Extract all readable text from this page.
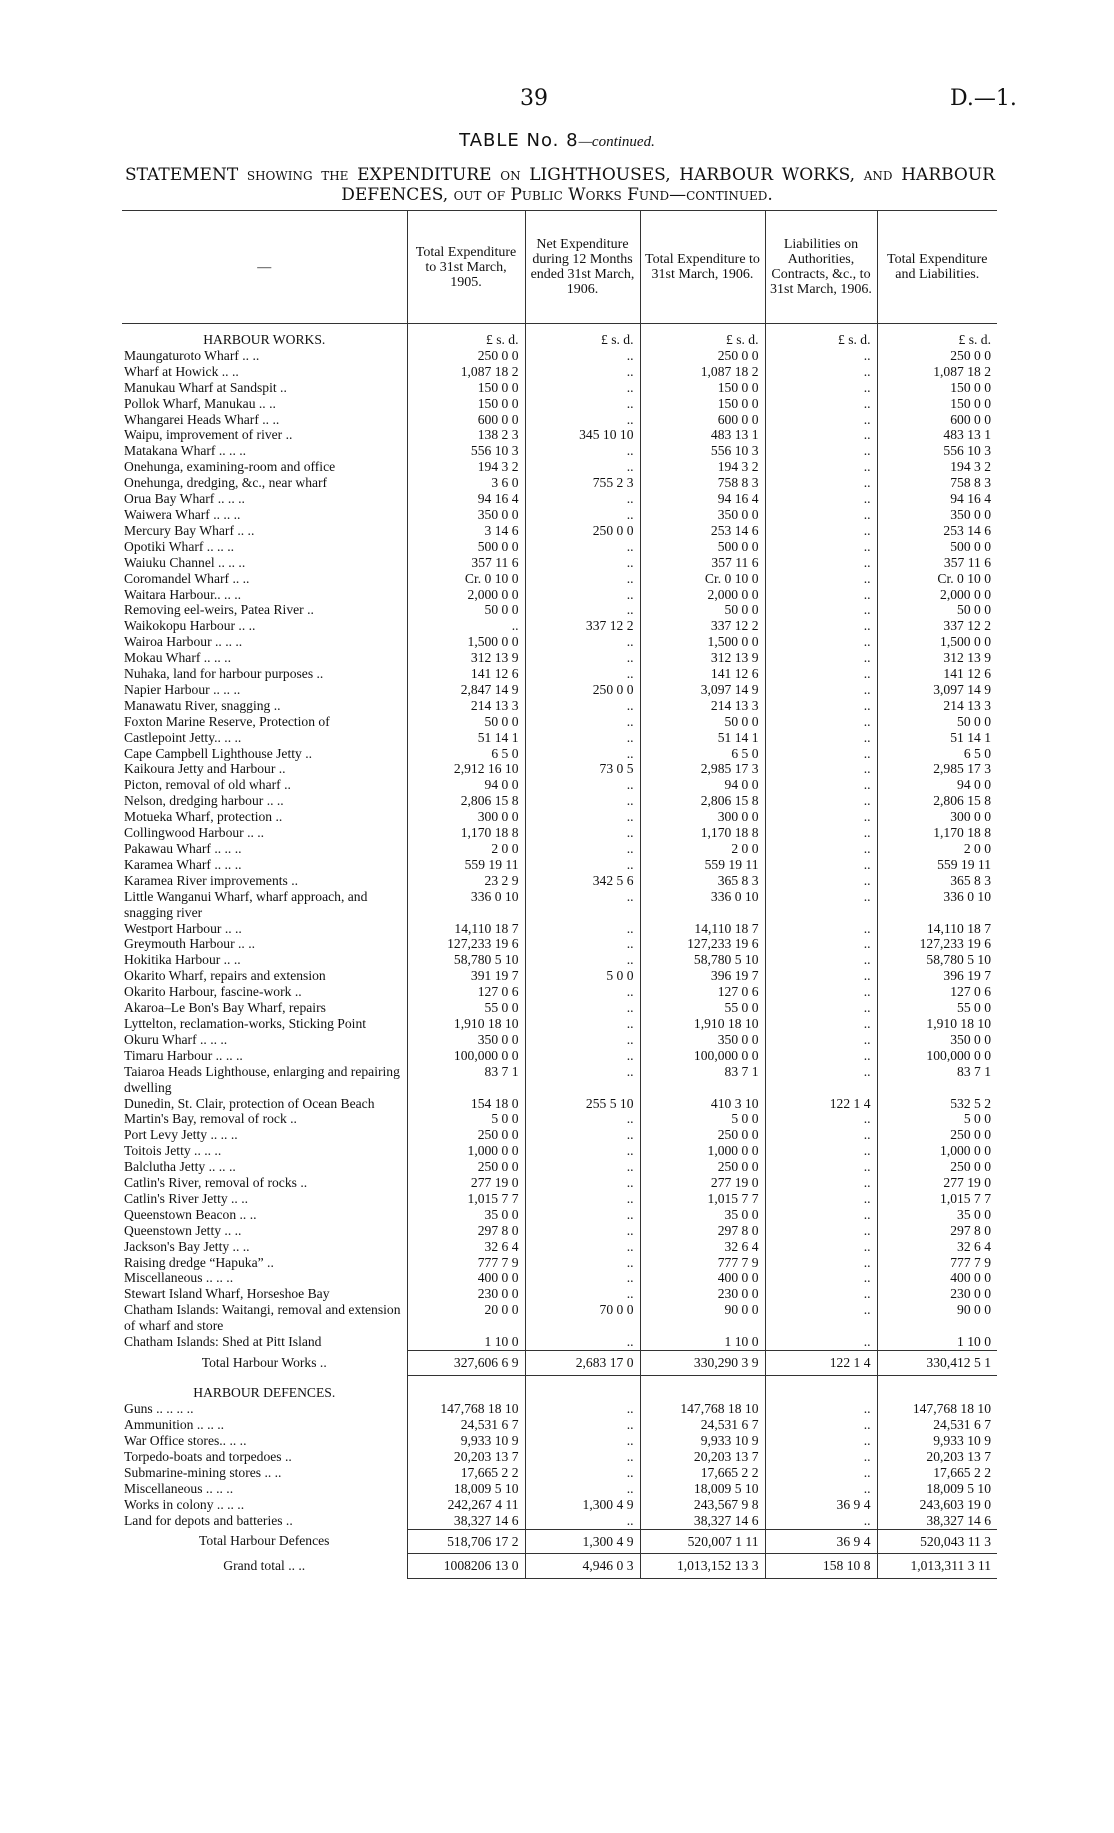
39	D.—1.
TABLE No. 8—continued.
STATEMENT showing the EXPENDITURE on LIGHTHOUSES, HARBOUR WORKS, and HARBOUR
DEFENCES, out of Public Works Fund—continued.
—	Total Expenditure to 31st March, 1905.	Net Expenditure during 12 Months ended 31st March, 1906.	Total Expenditure to 31st March, 1906.	Liabilities on Authorities, Contracts, &c., to 31st March, 1906.	Total Expenditure and Liabilities.
HARBOUR WORKS.	£ s. d.	£ s. d.	£ s. d.	£ s. d.	£ s. d.
Maungaturoto Wharf .. ..	250 0 0	..	250 0 0	..	250 0 0
Wharf at Howick .. ..	1,087 18 2	..	1,087 18 2	..	1,087 18 2
Manukau Wharf at Sandspit ..	150 0 0	..	150 0 0	..	150 0 0
Pollok Wharf, Manukau .. ..	150 0 0	..	150 0 0	..	150 0 0
Whangarei Heads Wharf .. ..	600 0 0	..	600 0 0	..	600 0 0
Waipu, improvement of river ..	138 2 3	345 10 10	483 13 1	..	483 13 1
Matakana Wharf .. .. ..	556 10 3	..	556 10 3	..	556 10 3
Onehunga, examining-room and office	194 3 2	..	194 3 2	..	194 3 2
Onehunga, dredging, &c., near wharf	3 6 0	755 2 3	758 8 3	..	758 8 3
Orua Bay Wharf .. .. ..	94 16 4	..	94 16 4	..	94 16 4
Waiwera Wharf .. .. ..	350 0 0	..	350 0 0	..	350 0 0
Mercury Bay Wharf .. ..	3 14 6	250 0 0	253 14 6	..	253 14 6
Opotiki Wharf .. .. ..	500 0 0	..	500 0 0	..	500 0 0
Waiuku Channel .. .. ..	357 11 6	..	357 11 6	..	357 11 6
Coromandel Wharf .. ..	Cr. 0 10 0	..	Cr. 0 10 0	..	Cr. 0 10 0
Waitara Harbour.. .. ..	2,000 0 0	..	2,000 0 0	..	2,000 0 0
Removing eel-weirs, Patea River ..	50 0 0	..	50 0 0	..	50 0 0
Waikokopu Harbour .. ..	..	337 12 2	337 12 2	..	337 12 2
Wairoa Harbour .. .. ..	1,500 0 0	..	1,500 0 0	..	1,500 0 0
Mokau Wharf .. .. ..	312 13 9	..	312 13 9	..	312 13 9
Nuhaka, land for harbour purposes ..	141 12 6	..	141 12 6	..	141 12 6
Napier Harbour .. .. ..	2,847 14 9	250 0 0	3,097 14 9	..	3,097 14 9
Manawatu River, snagging ..	214 13 3	..	214 13 3	..	214 13 3
Foxton Marine Reserve, Protection of	50 0 0	..	50 0 0	..	50 0 0
Castlepoint Jetty.. .. ..	51 14 1	..	51 14 1	..	51 14 1
Cape Campbell Lighthouse Jetty ..	6 5 0	..	6 5 0	..	6 5 0
Kaikoura Jetty and Harbour ..	2,912 16 10	73 0 5	2,985 17 3	..	2,985 17 3
Picton, removal of old wharf ..	94 0 0	..	94 0 0	..	94 0 0
Nelson, dredging harbour .. ..	2,806 15 8	..	2,806 15 8	..	2,806 15 8
Motueka Wharf, protection ..	300 0 0	..	300 0 0	..	300 0 0
Collingwood Harbour .. ..	1,170 18 8	..	1,170 18 8	..	1,170 18 8
Pakawau Wharf .. .. ..	2 0 0	..	2 0 0	..	2 0 0
Karamea Wharf .. .. ..	559 19 11	..	559 19 11	..	559 19 11
Karamea River improvements ..	23 2 9	342 5 6	365 8 3	..	365 8 3
Little Wanganui Wharf, wharf approach, and snagging river	336 0 10	..	336 0 10	..	336 0 10
Westport Harbour .. ..	14,110 18 7	..	14,110 18 7	..	14,110 18 7
Greymouth Harbour .. ..	127,233 19 6	..	127,233 19 6	..	127,233 19 6
Hokitika Harbour .. ..	58,780 5 10	..	58,780 5 10	..	58,780 5 10
Okarito Wharf, repairs and extension	391 19 7	5 0 0	396 19 7	..	396 19 7
Okarito Harbour, fascine-work ..	127 0 6	..	127 0 6	..	127 0 6
Akaroa–Le Bon's Bay Wharf, repairs	55 0 0	..	55 0 0	..	55 0 0
Lyttelton, reclamation-works, Sticking Point	1,910 18 10	..	1,910 18 10	..	1,910 18 10
Okuru Wharf .. .. ..	350 0 0	..	350 0 0	..	350 0 0
Timaru Harbour .. .. ..	100,000 0 0	..	100,000 0 0	..	100,000 0 0
Taiaroa Heads Lighthouse, enlarging and repairing dwelling	83 7 1	..	83 7 1	..	83 7 1
Dunedin, St. Clair, protection of Ocean Beach	154 18 0	255 5 10	410 3 10	122 1 4	532 5 2
Martin's Bay, removal of rock ..	5 0 0	..	5 0 0	..	5 0 0
Port Levy Jetty .. .. ..	250 0 0	..	250 0 0	..	250 0 0
Toitois Jetty .. .. ..	1,000 0 0	..	1,000 0 0	..	1,000 0 0
Balclutha Jetty .. .. ..	250 0 0	..	250 0 0	..	250 0 0
Catlin's River, removal of rocks ..	277 19 0	..	277 19 0	..	277 19 0
Catlin's River Jetty .. ..	1,015 7 7	..	1,015 7 7	..	1,015 7 7
Queenstown Beacon .. ..	35 0 0	..	35 0 0	..	35 0 0
Queenstown Jetty .. ..	297 8 0	..	297 8 0	..	297 8 0
Jackson's Bay Jetty .. ..	32 6 4	..	32 6 4	..	32 6 4
Raising dredge “Hapuka” ..	777 7 9	..	777 7 9	..	777 7 9
Miscellaneous .. .. ..	400 0 0	..	400 0 0	..	400 0 0
Stewart Island Wharf, Horseshoe Bay	230 0 0	..	230 0 0	..	230 0 0
Chatham Islands: Waitangi, removal and extension of wharf and store	20 0 0	70 0 0	90 0 0	..	90 0 0
Chatham Islands: Shed at Pitt Island	1 10 0	..	1 10 0	..	1 10 0
Total Harbour Works ..	327,606 6 9	2,683 17 0	330,290 3 9	122 1 4	330,412 5 1
HARBOUR DEFENCES.					
Guns .. .. .. ..	147,768 18 10	..	147,768 18 10	..	147,768 18 10
Ammunition .. .. ..	24,531 6 7	..	24,531 6 7	..	24,531 6 7
War Office stores.. .. ..	9,933 10 9	..	9,933 10 9	..	9,933 10 9
Torpedo-boats and torpedoes ..	20,203 13 7	..	20,203 13 7	..	20,203 13 7
Submarine-mining stores .. ..	17,665 2 2	..	17,665 2 2	..	17,665 2 2
Miscellaneous .. .. ..	18,009 5 10	..	18,009 5 10	..	18,009 5 10
Works in colony .. .. ..	242,267 4 11	1,300 4 9	243,567 9 8	36 9 4	243,603 19 0
Land for depots and batteries ..	38,327 14 6	..	38,327 14 6	..	38,327 14 6
Total Harbour Defences	518,706 17 2	1,300 4 9	520,007 1 11	36 9 4	520,043 11 3
Grand total .. ..	1008206 13 0	4,946 0 3	1,013,152 13 3	158 10 8	1,013,311 3 11
